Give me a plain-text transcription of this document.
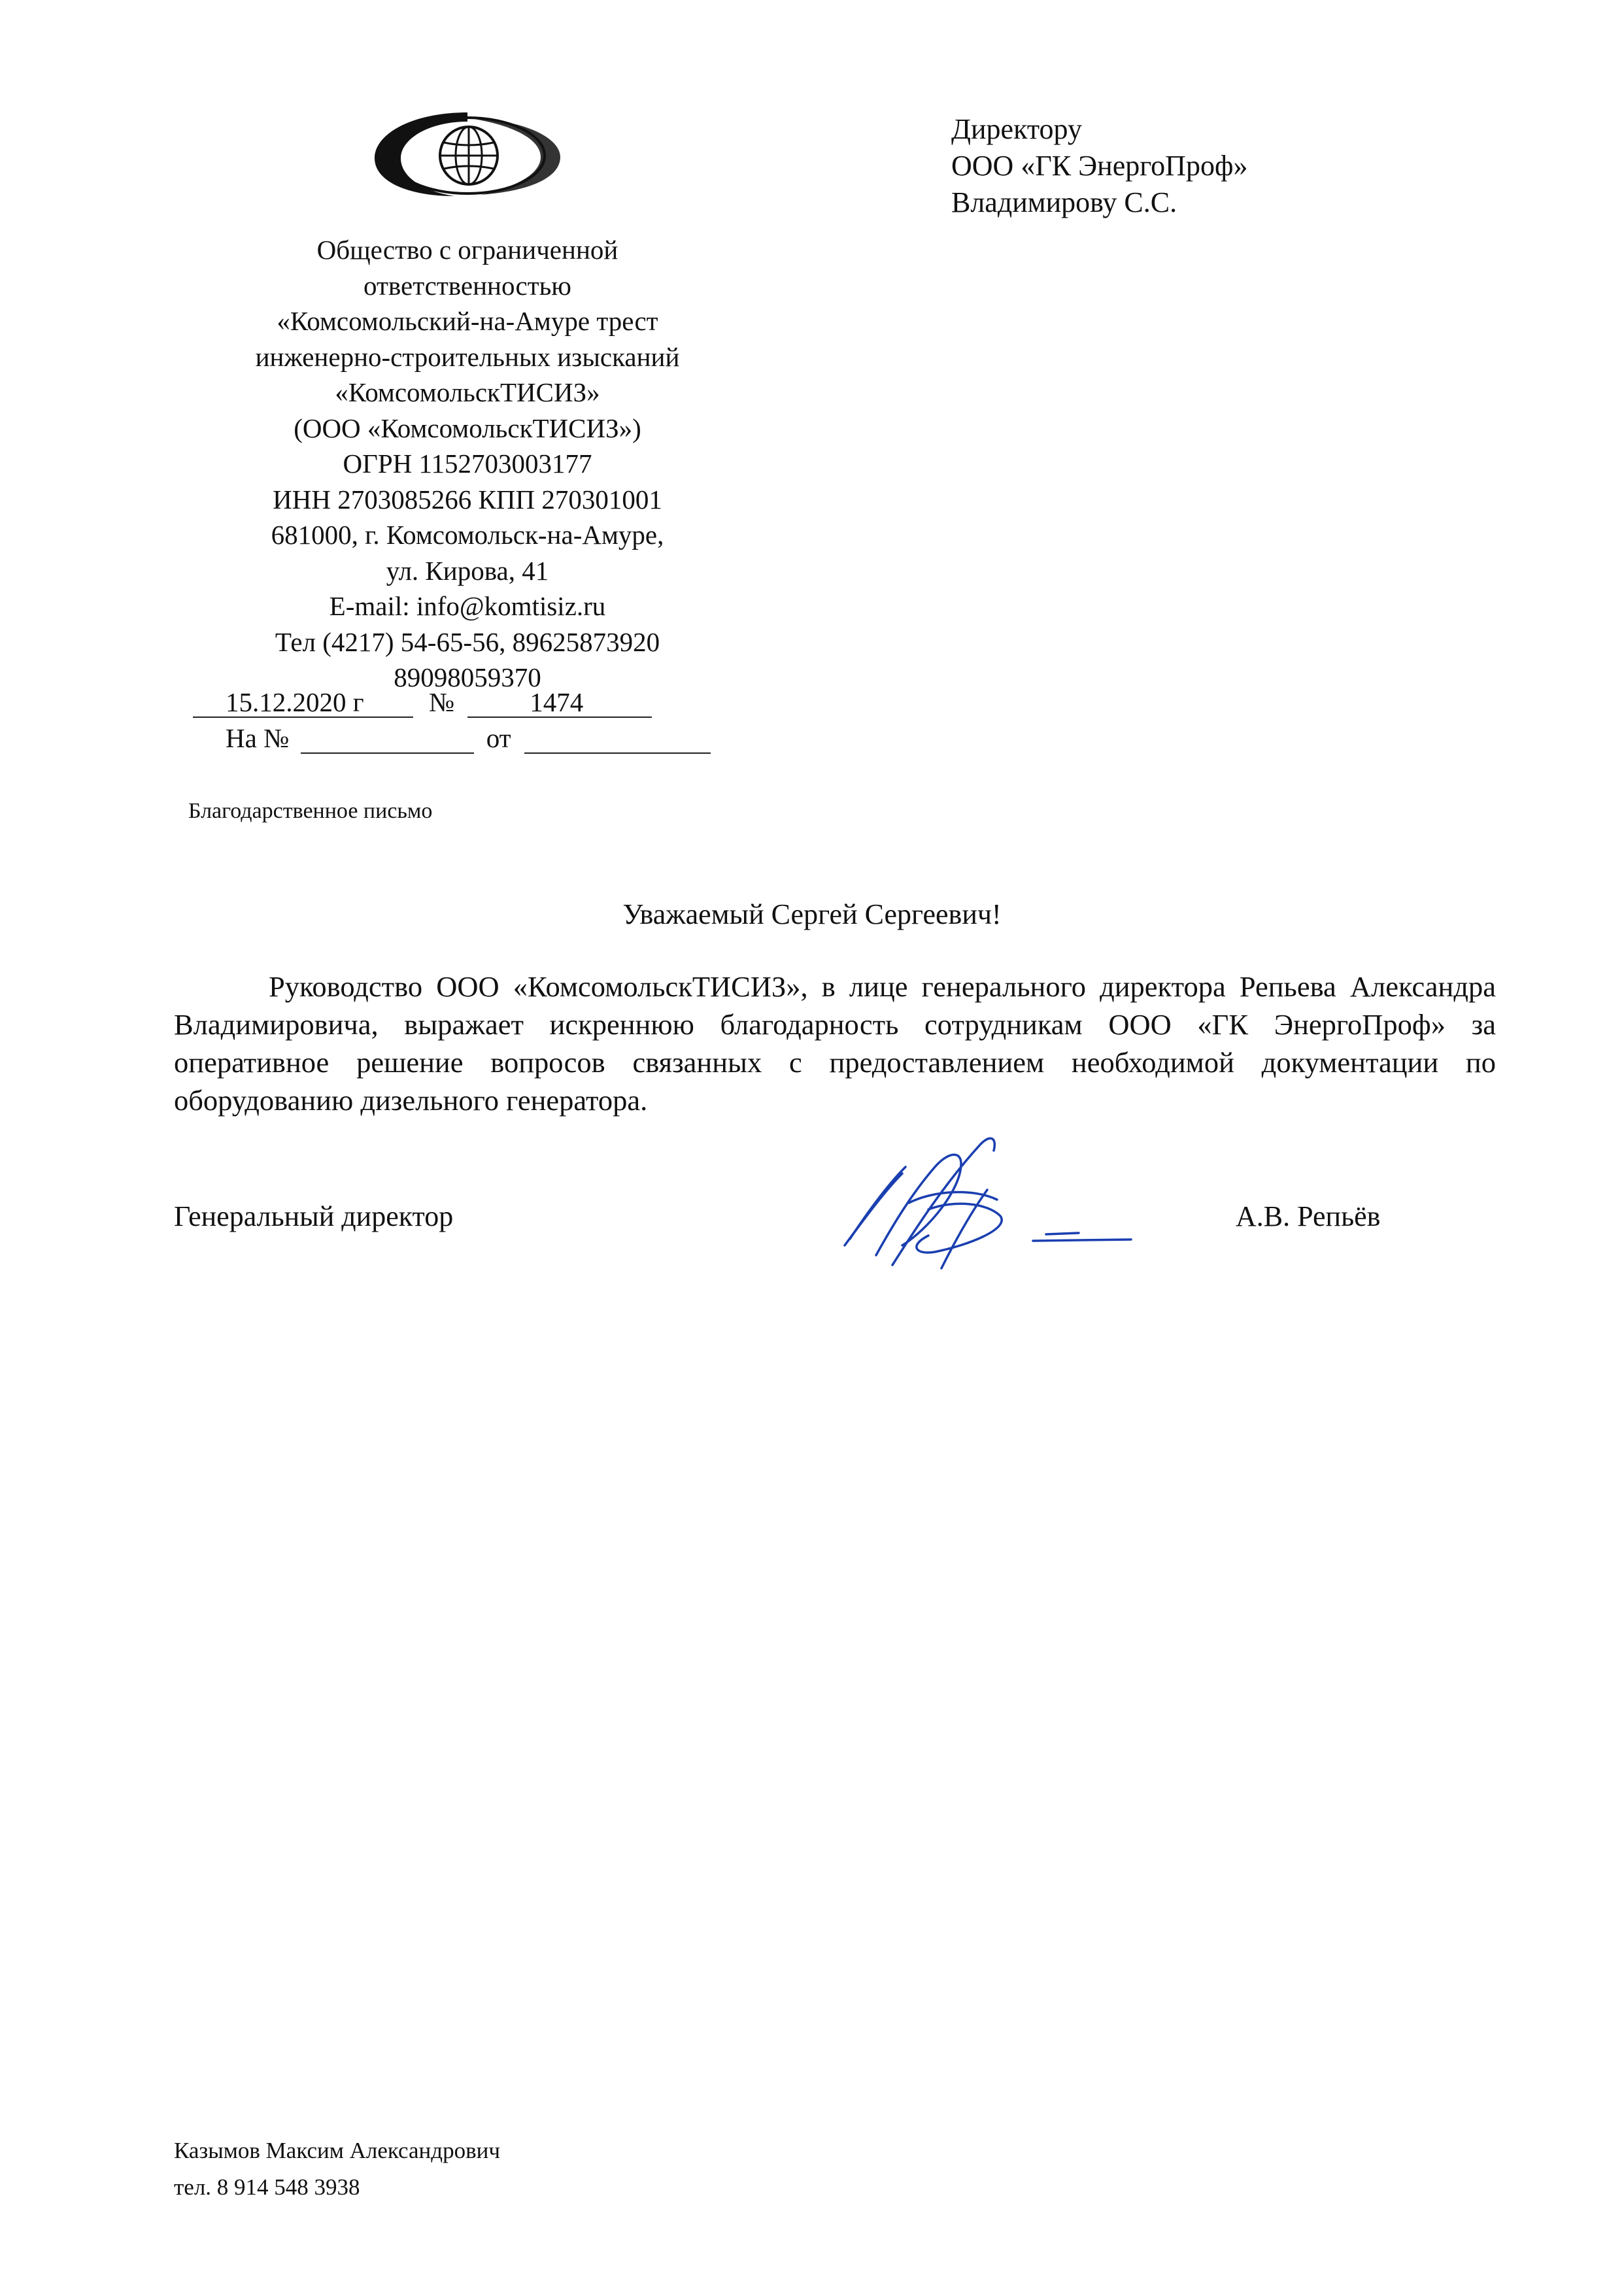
Общество с ограниченной
ответственностью
«Комсомольский-на-Амуре трест
инженерно-строительных изысканий
«КомсомольскТИСИЗ»
(ООО «КомсомольскТИСИЗ»)
ОГРН 1152703003177
ИНН 2703085266 КПП 270301001
681000, г. Комсомольск-на-Амуре,
ул. Кирова, 41
E-mail: info@komtisiz.ru
Тел (4217) 54-65-56, 89625873920
89098059370
15.12.2020 г №	1474
На №	от
Директору
ООО «ГК ЭнергоПроф»
Владимирову С.С.
Благодарственное письмо
Уважаемый Сергей Сергеевич!
Руководство ООО «КомсомольскТИСИЗ», в лице генерального директора Репьева Александра Владимировича, выражает искреннюю благодарность сотрудникам ООО «ГК ЭнергоПроф» за оперативное решение вопросов связанных с предоставлением необходимой документации по оборудованию дизельного генератора.
Генеральный директор	А.В. Репьёв
Казымов Максим Александрович
тел. 8 914 548 3938
